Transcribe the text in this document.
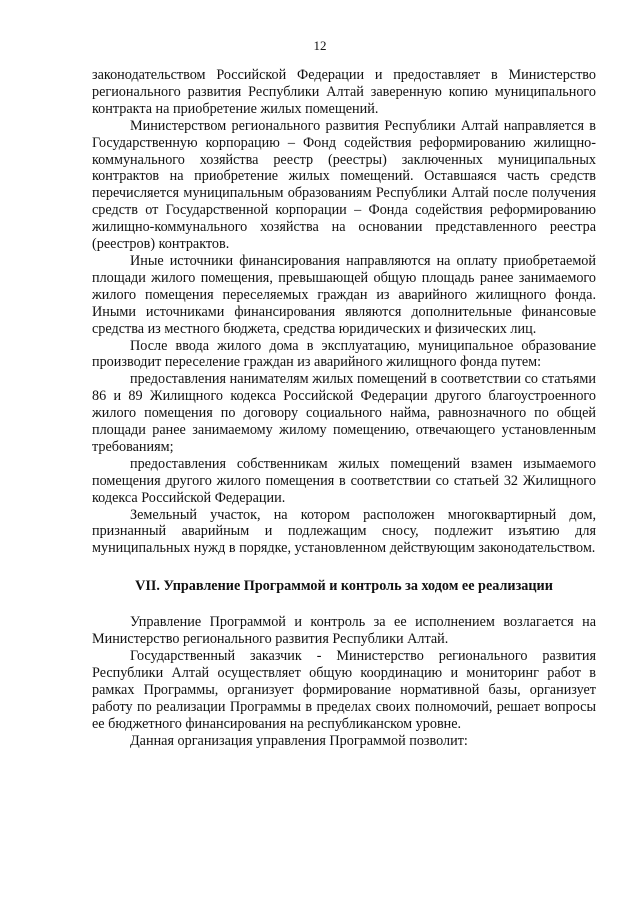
12

законодательством Российской Федерации и предоставляет в Министерство регионального развития Республики Алтай заверенную копию муниципального контракта на приобретение жилых помещений.

Министерством регионального развития Республики Алтай направляется в Государственную корпорацию – Фонд содействия реформированию жилищно-коммунального хозяйства реестр (реестры) заключенных муниципальных контрактов на приобретение жилых помещений. Оставшаяся часть средств перечисляется муниципальным образованиям Республики Алтай после получения средств от Государственной корпорации – Фонда содействия реформированию жилищно-коммунального хозяйства на основании представленного реестра (реестров) контрактов.

Иные источники финансирования направляются на оплату приобретаемой площади жилого помещения, превышающей общую площадь ранее занимаемого жилого помещения переселяемых граждан из аварийного жилищного фонда. Иными источниками финансирования являются дополнительные финансовые средства из местного бюджета, средства юридических и физических лиц.

После ввода жилого дома в эксплуатацию, муниципальное образование производит переселение граждан из аварийного жилищного фонда путем:

предоставления нанимателям жилых помещений в соответствии со статьями 86 и 89 Жилищного кодекса Российской Федерации другого благоустроенного жилого помещения по договору социального найма, равнозначного по общей площади ранее занимаемому жилому помещению, отвечающего установленным требованиям;

предоставления собственникам жилых помещений взамен изымаемого помещения другого жилого помещения в соответствии со статьей 32 Жилищного кодекса Российской Федерации.

Земельный участок, на котором расположен многоквартирный дом, признанный аварийным и подлежащим сносу, подлежит изъятию для муниципальных нужд в порядке, установленном действующим законодательством.

VII. Управление Программой и контроль за ходом ее реализации

Управление Программой и контроль за ее исполнением возлагается на Министерство регионального развития Республики Алтай.

Государственный заказчик - Министерство регионального развития Республики Алтай осуществляет общую координацию и мониторинг работ в рамках Программы, организует формирование нормативной базы, организует работу по реализации Программы в пределах своих полномочий, решает вопросы ее бюджетного финансирования на республиканском уровне.

Данная организация управления Программой позволит:
